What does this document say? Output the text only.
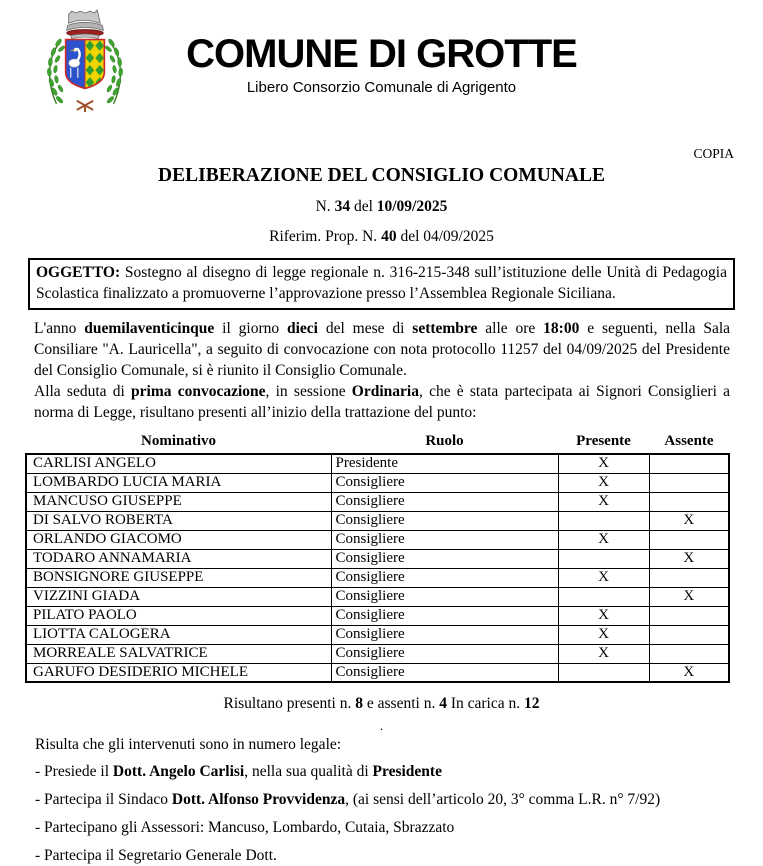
COMUNE DI GROTTE
Libero Consorzio Comunale di Agrigento
COPIA
DELIBERAZIONE DEL CONSIGLIO COMUNALE
N. 34 del 10/09/2025
Riferim. Prop. N. 40 del 04/09/2025
OGGETTO: Sostegno al disegno di legge regionale n. 316-215-348 sull’istituzione delle Unità di Pedagogia Scolastica finalizzato a promuoverne l’approvazione presso l’Assemblea Regionale Siciliana.

L'anno duemilaventicinque il giorno dieci del mese di settembre alle ore 18:00 e seguenti, nella Sala Consiliare "A. Lauricella", a seguito di convocazione con nota protocollo 11257 del 04/09/2025 del Presidente del Consiglio Comunale, si è riunito il Consiglio Comunale.

Alla seduta di prima convocazione, in sessione Ordinaria, che è stata partecipata ai Signori Consiglieri a norma di Legge, risultano presenti all’inizio della trattazione del punto:

Nominativo	Ruolo	Presente	Assente
CARLISI ANGELO	Presidente	X	
LOMBARDO LUCIA MARIA	Consigliere	X	
MANCUSO GIUSEPPE	Consigliere	X	
DI SALVO ROBERTA	Consigliere		X
ORLANDO GIACOMO	Consigliere	X	
TODARO ANNAMARIA	Consigliere		X
BONSIGNORE GIUSEPPE	Consigliere	X	
VIZZINI GIADA	Consigliere		X
PILATO PAOLO	Consigliere	X	
LIOTTA CALOGERA	Consigliere	X	
MORREALE SALVATRICE	Consigliere	X	
GARUFO DESIDERIO MICHELE	Consigliere		X
Risultano presenti n. 8 e assenti n. 4 In carica n. 12
.
Risulta che gli intervenuti sono in numero legale:
- Presiede il Dott. Angelo Carlisi, nella sua qualità di Presidente
- Partecipa il Sindaco Dott. Alfonso Provvidenza, (ai sensi dell’articolo 20, 3° comma L.R. n° 7/92)
- Partecipano gli Assessori: Mancuso, Lombardo, Cutaia, Sbrazzato
- Partecipa il Segretario Generale Dott.
